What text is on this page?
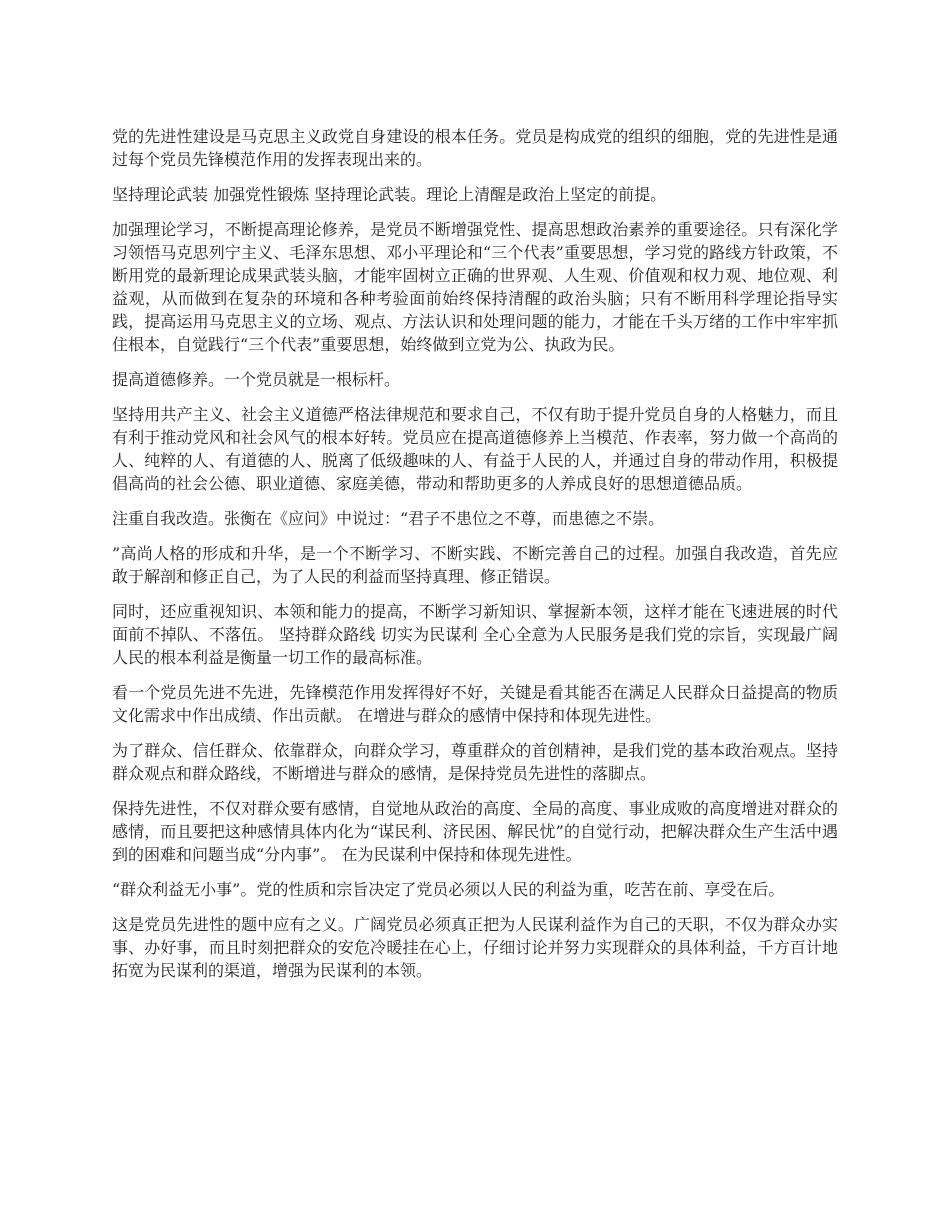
党的先进性建设是马克思主义政党自身建设的根本任务。党员是构成党的组织的细胞，党的先进性是通过每个党员先锋模范作用的发挥表现出来的。

坚持理论武装 加强党性锻炼 坚持理论武装。理论上清醒是政治上坚定的前提。

加强理论学习，不断提高理论修养，是党员不断增强党性、提高思想政治素养的重要途径。只有深化学习领悟马克思列宁主义、毛泽东思想、邓小平理论和“三个代表”重要思想，学习党的路线方针政策，不断用党的最新理论成果武装头脑，才能牢固树立正确的世界观、人生观、价值观和权力观、地位观、利益观，从而做到在复杂的环境和各种考验面前始终保持清醒的政治头脑；只有不断用科学理论指导实践，提高运用马克思主义的立场、观点、方法认识和处理问题的能力，才能在千头万绪的工作中牢牢抓住根本，自觉践行“三个代表”重要思想，始终做到立党为公、执政为民。

提高道德修养。一个党员就是一根标杆。

坚持用共产主义、社会主义道德严格法律规范和要求自己，不仅有助于提升党员自身的人格魅力，而且有利于推动党风和社会风气的根本好转。党员应在提高道德修养上当模范、作表率，努力做一个高尚的人、纯粹的人、有道德的人、脱离了低级趣味的人、有益于人民的人，并通过自身的带动作用，积极提倡高尚的社会公德、职业道德、家庭美德，带动和帮助更多的人养成良好的思想道德品质。

注重自我改造。张衡在《应问》中说过：“君子不患位之不尊，而患德之不崇。

”高尚人格的形成和升华，是一个不断学习、不断实践、不断完善自己的过程。加强自我改造，首先应敢于解剖和修正自己，为了人民的利益而坚持真理、修正错误。

同时，还应重视知识、本领和能力的提高，不断学习新知识、掌握新本领，这样才能在飞速进展的时代面前不掉队、不落伍。 坚持群众路线 切实为民谋利 全心全意为人民服务是我们党的宗旨，实现最广阔人民的根本利益是衡量一切工作的最高标准。

看一个党员先进不先进，先锋模范作用发挥得好不好，关键是看其能否在满足人民群众日益提高的物质文化需求中作出成绩、作出贡献。 在增进与群众的感情中保持和体现先进性。

为了群众、信任群众、依靠群众，向群众学习，尊重群众的首创精神，是我们党的基本政治观点。坚持群众观点和群众路线，不断增进与群众的感情，是保持党员先进性的落脚点。

保持先进性，不仅对群众要有感情，自觉地从政治的高度、全局的高度、事业成败的高度增进对群众的感情，而且要把这种感情具体内化为“谋民利、济民困、解民忧”的自觉行动，把解决群众生产生活中遇到的困难和问题当成“分内事”。 在为民谋利中保持和体现先进性。

“群众利益无小事”。党的性质和宗旨决定了党员必须以人民的利益为重，吃苦在前、享受在后。

这是党员先进性的题中应有之义。广阔党员必须真正把为人民谋利益作为自己的天职，不仅为群众办实事、办好事，而且时刻把群众的安危冷暖挂在心上，仔细讨论并努力实现群众的具体利益，千方百计地拓宽为民谋利的渠道，增强为民谋利的本领。
